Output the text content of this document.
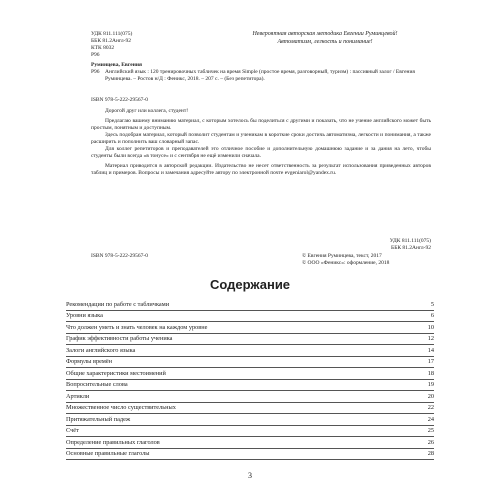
УДК 811.111(075)
ББК 81.2Англ-92
КТК 8032
Р96
Невероятная авторская методика Евгении Руминцевой!
Автоматизм, легкость и понимание!
Руминцева, Евгения
Р96 Английский язык : 120 тренировочных табличек на время Simple (простое время, разговорный, туризм) : пассивный залог / Евгения Руминцева. – Ростов н/Д : Феникс, 2018. – 207 с. – (Без репетитора).
ISBN 978-5-222-29567-0

Дорогой друг или коллега, студент!

Предлагаю вашему вниманию материал, с которым хотелось бы поделиться с другими и показать, что не учение английского может быть простым, понятным и доступным.

Здесь подобран материал, который позволит студентам и ученикам в короткие сроки достичь автоматизма, легкости и понимания, а также расширить и пополнить ваш словарный запас.

Для коллег репетиторов и преподавателей это отличное пособие и дополнительную домашнюю задание и за дания на лето, чтобы студенты были всегда «в тонусе» и с сентября не ещё изменили сначала.

Материал приводится в авторской редакции. Издательство не несет ответственность за результат использования приведенных авторов таблиц и примеров. Вопросы и замечания адресуйте автору по электронной почте evgeniarol@yandex.ru.

УДК 811.111(075)
ББК 81.2Англ-92
ISBN 978-5-222-29567-0	© Евгения Руминцева, текст, 2017
© ООО «Феникс»: оформление, 2018
Содержание
Рекомендации по работе с табличками	5
Уровни языка	6
Что должен уметь и знать человек на каждом уровне	10
График эффективности работы ученика	12
Залоги английского языка	14
Формулы времён	17
Общие характеристики местоимений	18
Вопросительные слова	19
Артикли	20
Множественное число существительных	22
Притяжательный падеж	24
Счёт	25
Определение правильных глаголов	26
Основные правильные глаголы	28
3
